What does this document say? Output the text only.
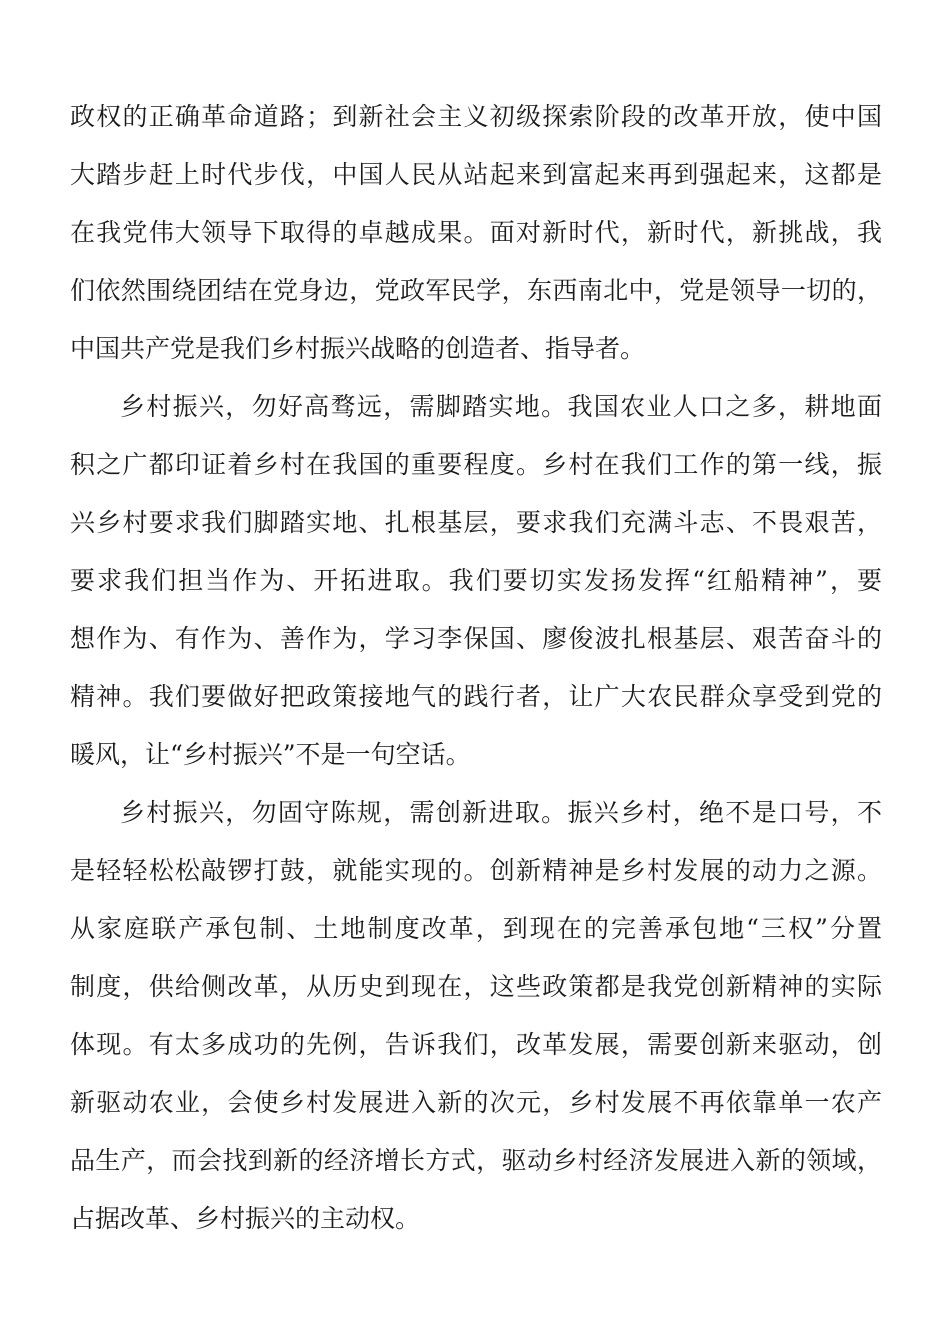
政权的正确革命道路；到新社会主义初级探索阶段的改革开放，使中国
大踏步赶上时代步伐，中国人民从站起来到富起来再到强起来，这都是
在我党伟大领导下取得的卓越成果。面对新时代，新时代，新挑战，我
们依然围绕团结在党身边，党政军民学，东西南北中，党是领导一切的，
中国共产党是我们乡村振兴战略的创造者、指导者。
乡村振兴，勿好高骛远，需脚踏实地。我国农业人口之多，耕地面
积之广都印证着乡村在我国的重要程度。乡村在我们工作的第一线，振
兴乡村要求我们脚踏实地、扎根基层，要求我们充满斗志、不畏艰苦，
要求我们担当作为、开拓进取。我们要切实发扬发挥“红船精神”，要
想作为、有作为、善作为，学习李保国、廖俊波扎根基层、艰苦奋斗的
精神。我们要做好把政策接地气的践行者，让广大农民群众享受到党的
暖风，让“乡村振兴”不是一句空话。
乡村振兴，勿固守陈规，需创新进取。振兴乡村，绝不是口号，不
是轻轻松松敲锣打鼓，就能实现的。创新精神是乡村发展的动力之源。
从家庭联产承包制、土地制度改革，到现在的完善承包地“三权”分置
制度，供给侧改革，从历史到现在，这些政策都是我党创新精神的实际
体现。有太多成功的先例，告诉我们，改革发展，需要创新来驱动，创
新驱动农业，会使乡村发展进入新的次元，乡村发展不再依靠单一农产
品生产，而会找到新的经济增长方式，驱动乡村经济发展进入新的领域，
占据改革、乡村振兴的主动权。
